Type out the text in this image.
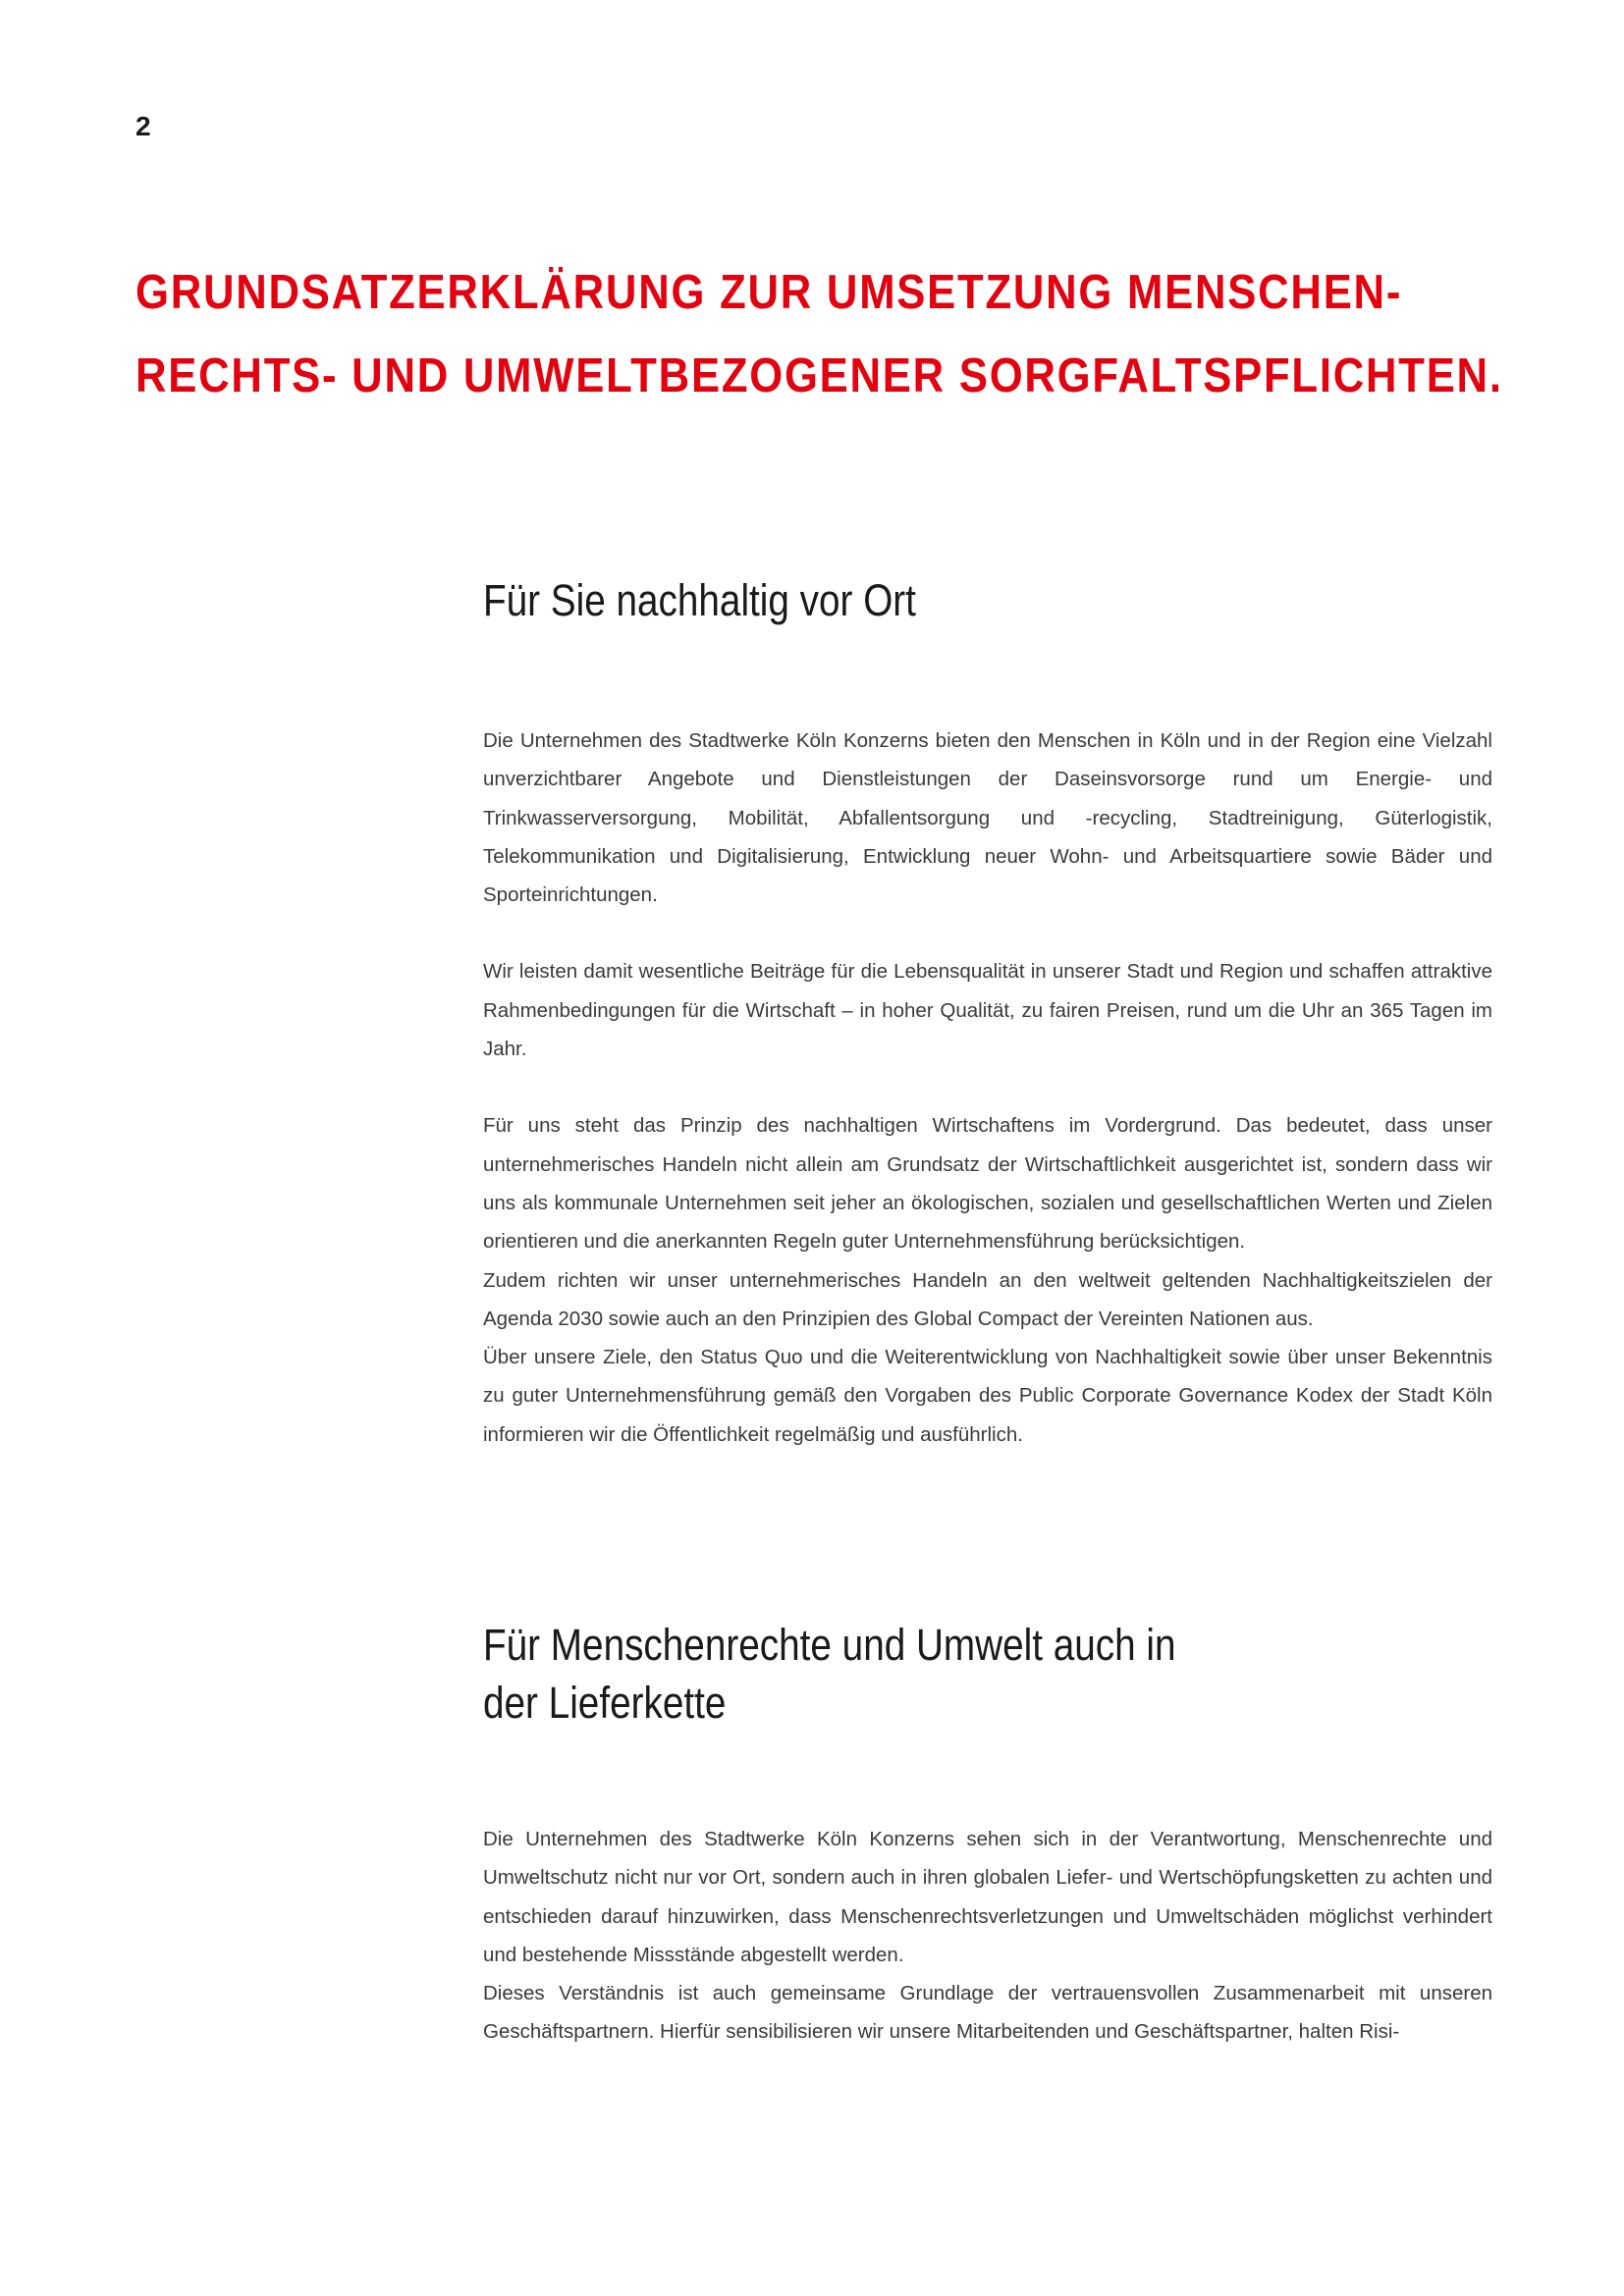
2
GRUNDSATZERKLÄRUNG ZUR UMSETZUNG MENSCHEN-
RECHTS- UND UMWELTBEZOGENER SORGFALTSPFLICHTEN.
Für Sie nachhaltig vor Ort

Die Unternehmen des Stadtwerke Köln Konzerns bieten den Menschen in Köln und in der Region eine Vielzahl unverzichtbarer Angebote und Dienstleistungen der Daseinsvorsorge rund um Energie- und Trinkwasserversorgung, Mobilität, Abfallentsorgung und -recycling, Stadtreinigung, Güterlogistik, Telekommunikation und Digitalisierung, Entwicklung neuer Wohn- und Arbeitsquartiere sowie Bäder und Sporteinrichtungen.

Wir leisten damit wesentliche Beiträge für die Lebensqualität in unserer Stadt und Region und schaffen attraktive Rahmenbedingungen für die Wirtschaft – in hoher Qualität, zu fairen Preisen, rund um die Uhr an 365 Tagen im Jahr.

Für uns steht das Prinzip des nachhaltigen Wirtschaftens im Vordergrund. Das bedeutet, dass unser unternehmerisches Handeln nicht allein am Grundsatz der Wirtschaftlichkeit ausgerichtet ist, sondern dass wir uns als kommunale Unternehmen seit jeher an ökologischen, sozialen und gesellschaftlichen Werten und Zielen orientieren und die anerkannten Regeln guter Unternehmensführung berücksichtigen.

Zudem richten wir unser unternehmerisches Handeln an den weltweit geltenden Nachhaltigkeitszielen der Agenda 2030 sowie auch an den Prinzipien des Global Compact der Vereinten Nationen aus.

Über unsere Ziele, den Status Quo und die Weiterentwicklung von Nachhaltigkeit sowie über unser Bekenntnis zu guter Unternehmensführung gemäß den Vorgaben des Public Corporate Governance Kodex der Stadt Köln informieren wir die Öffentlichkeit regelmäßig und ausführlich.

Für Menschenrechte und Umwelt auch in
der Lieferkette

Die Unternehmen des Stadtwerke Köln Konzerns sehen sich in der Verantwortung, Menschenrechte und Umweltschutz nicht nur vor Ort, sondern auch in ihren globalen Liefer- und Wertschöpfungsketten zu achten und entschieden darauf hinzuwirken, dass Menschenrechtsverletzungen und Umweltschäden möglichst verhindert und bestehende Missstände abgestellt werden.

Dieses Verständnis ist auch gemeinsame Grundlage der vertrauensvollen Zusammenarbeit mit unseren Geschäftspartnern. Hierfür sensibilisieren wir unsere Mitarbeitenden und Geschäftspartner, halten Risi-
